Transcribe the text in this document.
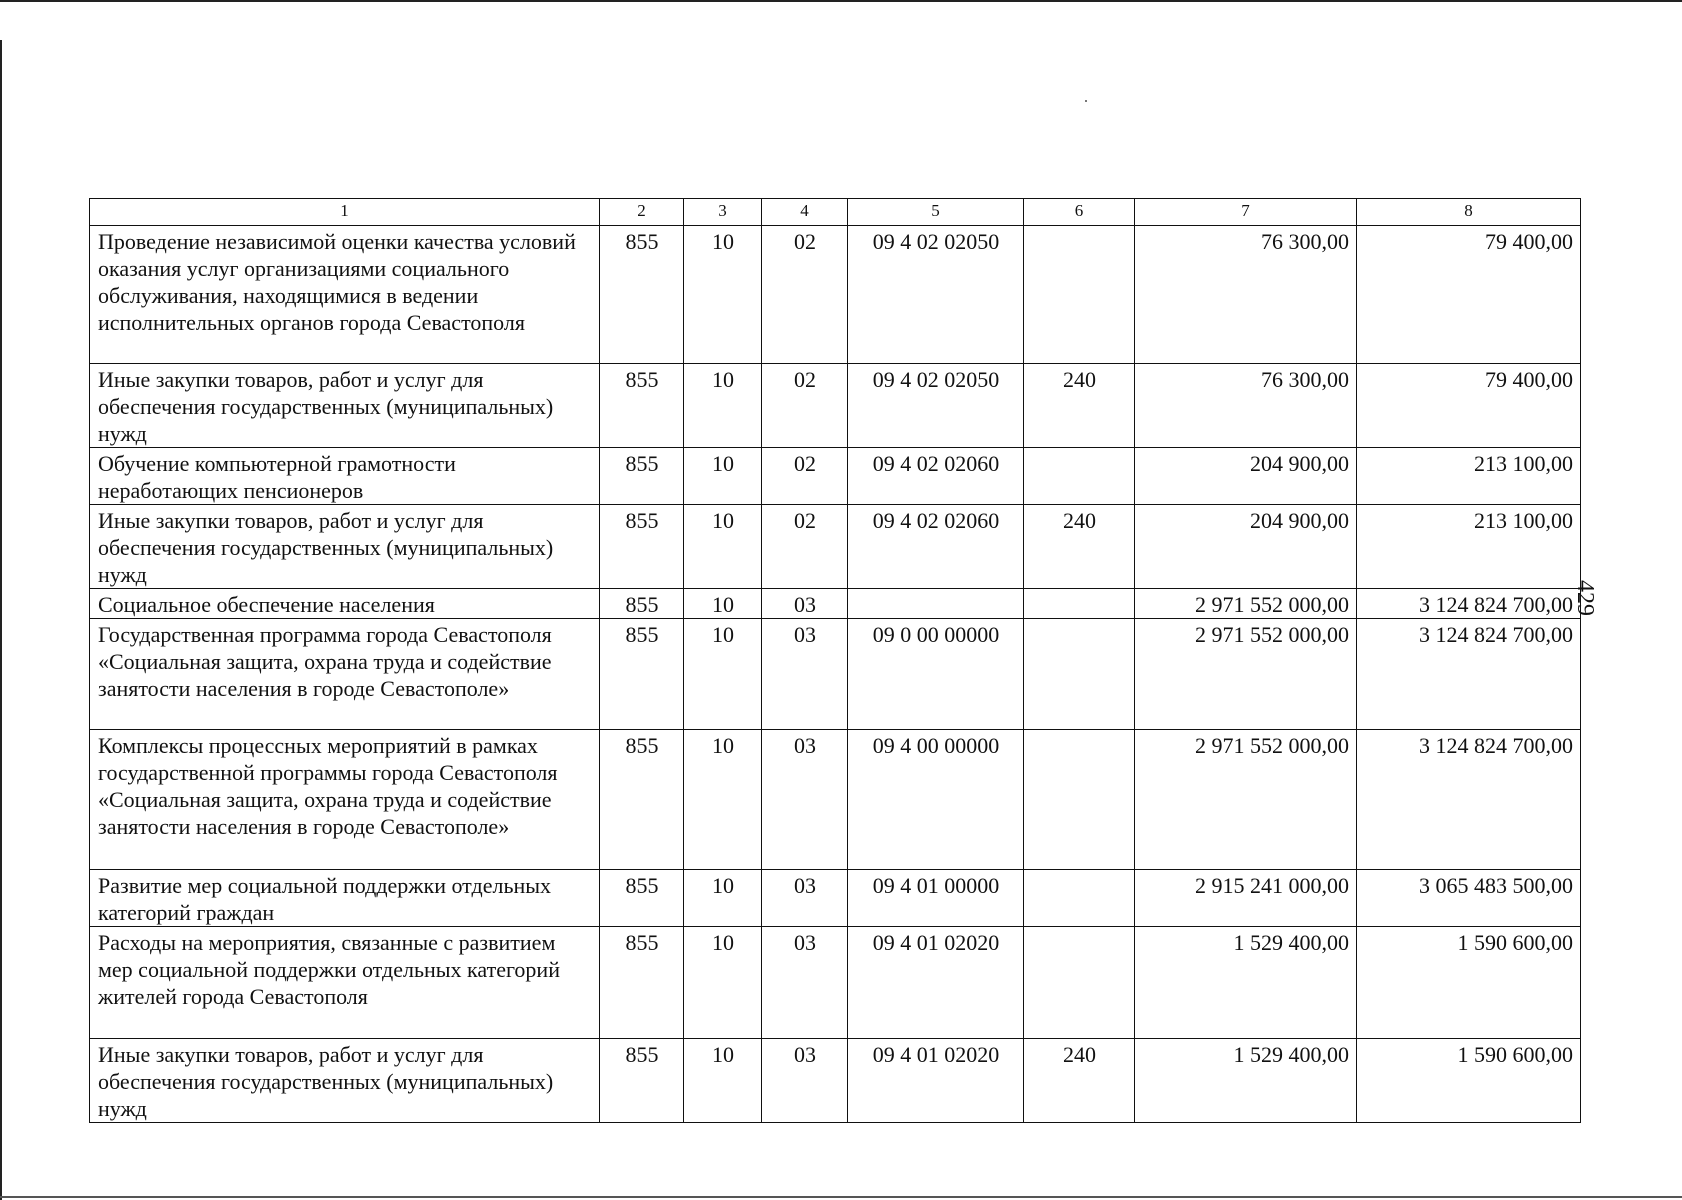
429
1	2	3	4	5	6	7	8
Проведение независимой оценки качества условий оказания услуг организациями социального обслуживания, находящимися в ведении исполнительных органов города Севастополя	855	10	02	09 4 02 02050		76 300,00	79 400,00
Иные закупки товаров, работ и услуг для обеспечения государственных (муниципальных) нужд	855	10	02	09 4 02 02050	240	76 300,00	79 400,00
Обучение компьютерной грамотности неработающих пенсионеров	855	10	02	09 4 02 02060		204 900,00	213 100,00
Иные закупки товаров, работ и услуг для обеспечения государственных (муниципальных) нужд	855	10	02	09 4 02 02060	240	204 900,00	213 100,00
Социальное обеспечение населения	855	10	03			2 971 552 000,00	3 124 824 700,00
Государственная программа города Севастополя «Социальная защита, охрана труда и содействие занятости населения в городе Севастополе»	855	10	03	09 0 00 00000		2 971 552 000,00	3 124 824 700,00
Комплексы процессных мероприятий в рамках государственной программы города Севастополя «Социальная защита, охрана труда и содействие занятости населения в городе Севастополе»	855	10	03	09 4 00 00000		2 971 552 000,00	3 124 824 700,00
Развитие мер социальной поддержки отдельных категорий граждан	855	10	03	09 4 01 00000		2 915 241 000,00	3 065 483 500,00
Расходы на мероприятия, связанные с развитием мер социальной поддержки отдельных категорий жителей города Севастополя	855	10	03	09 4 01 02020		1 529 400,00	1 590 600,00
Иные закупки товаров, работ и услуг для обеспечения государственных (муниципальных) нужд	855	10	03	09 4 01 02020	240	1 529 400,00	1 590 600,00
